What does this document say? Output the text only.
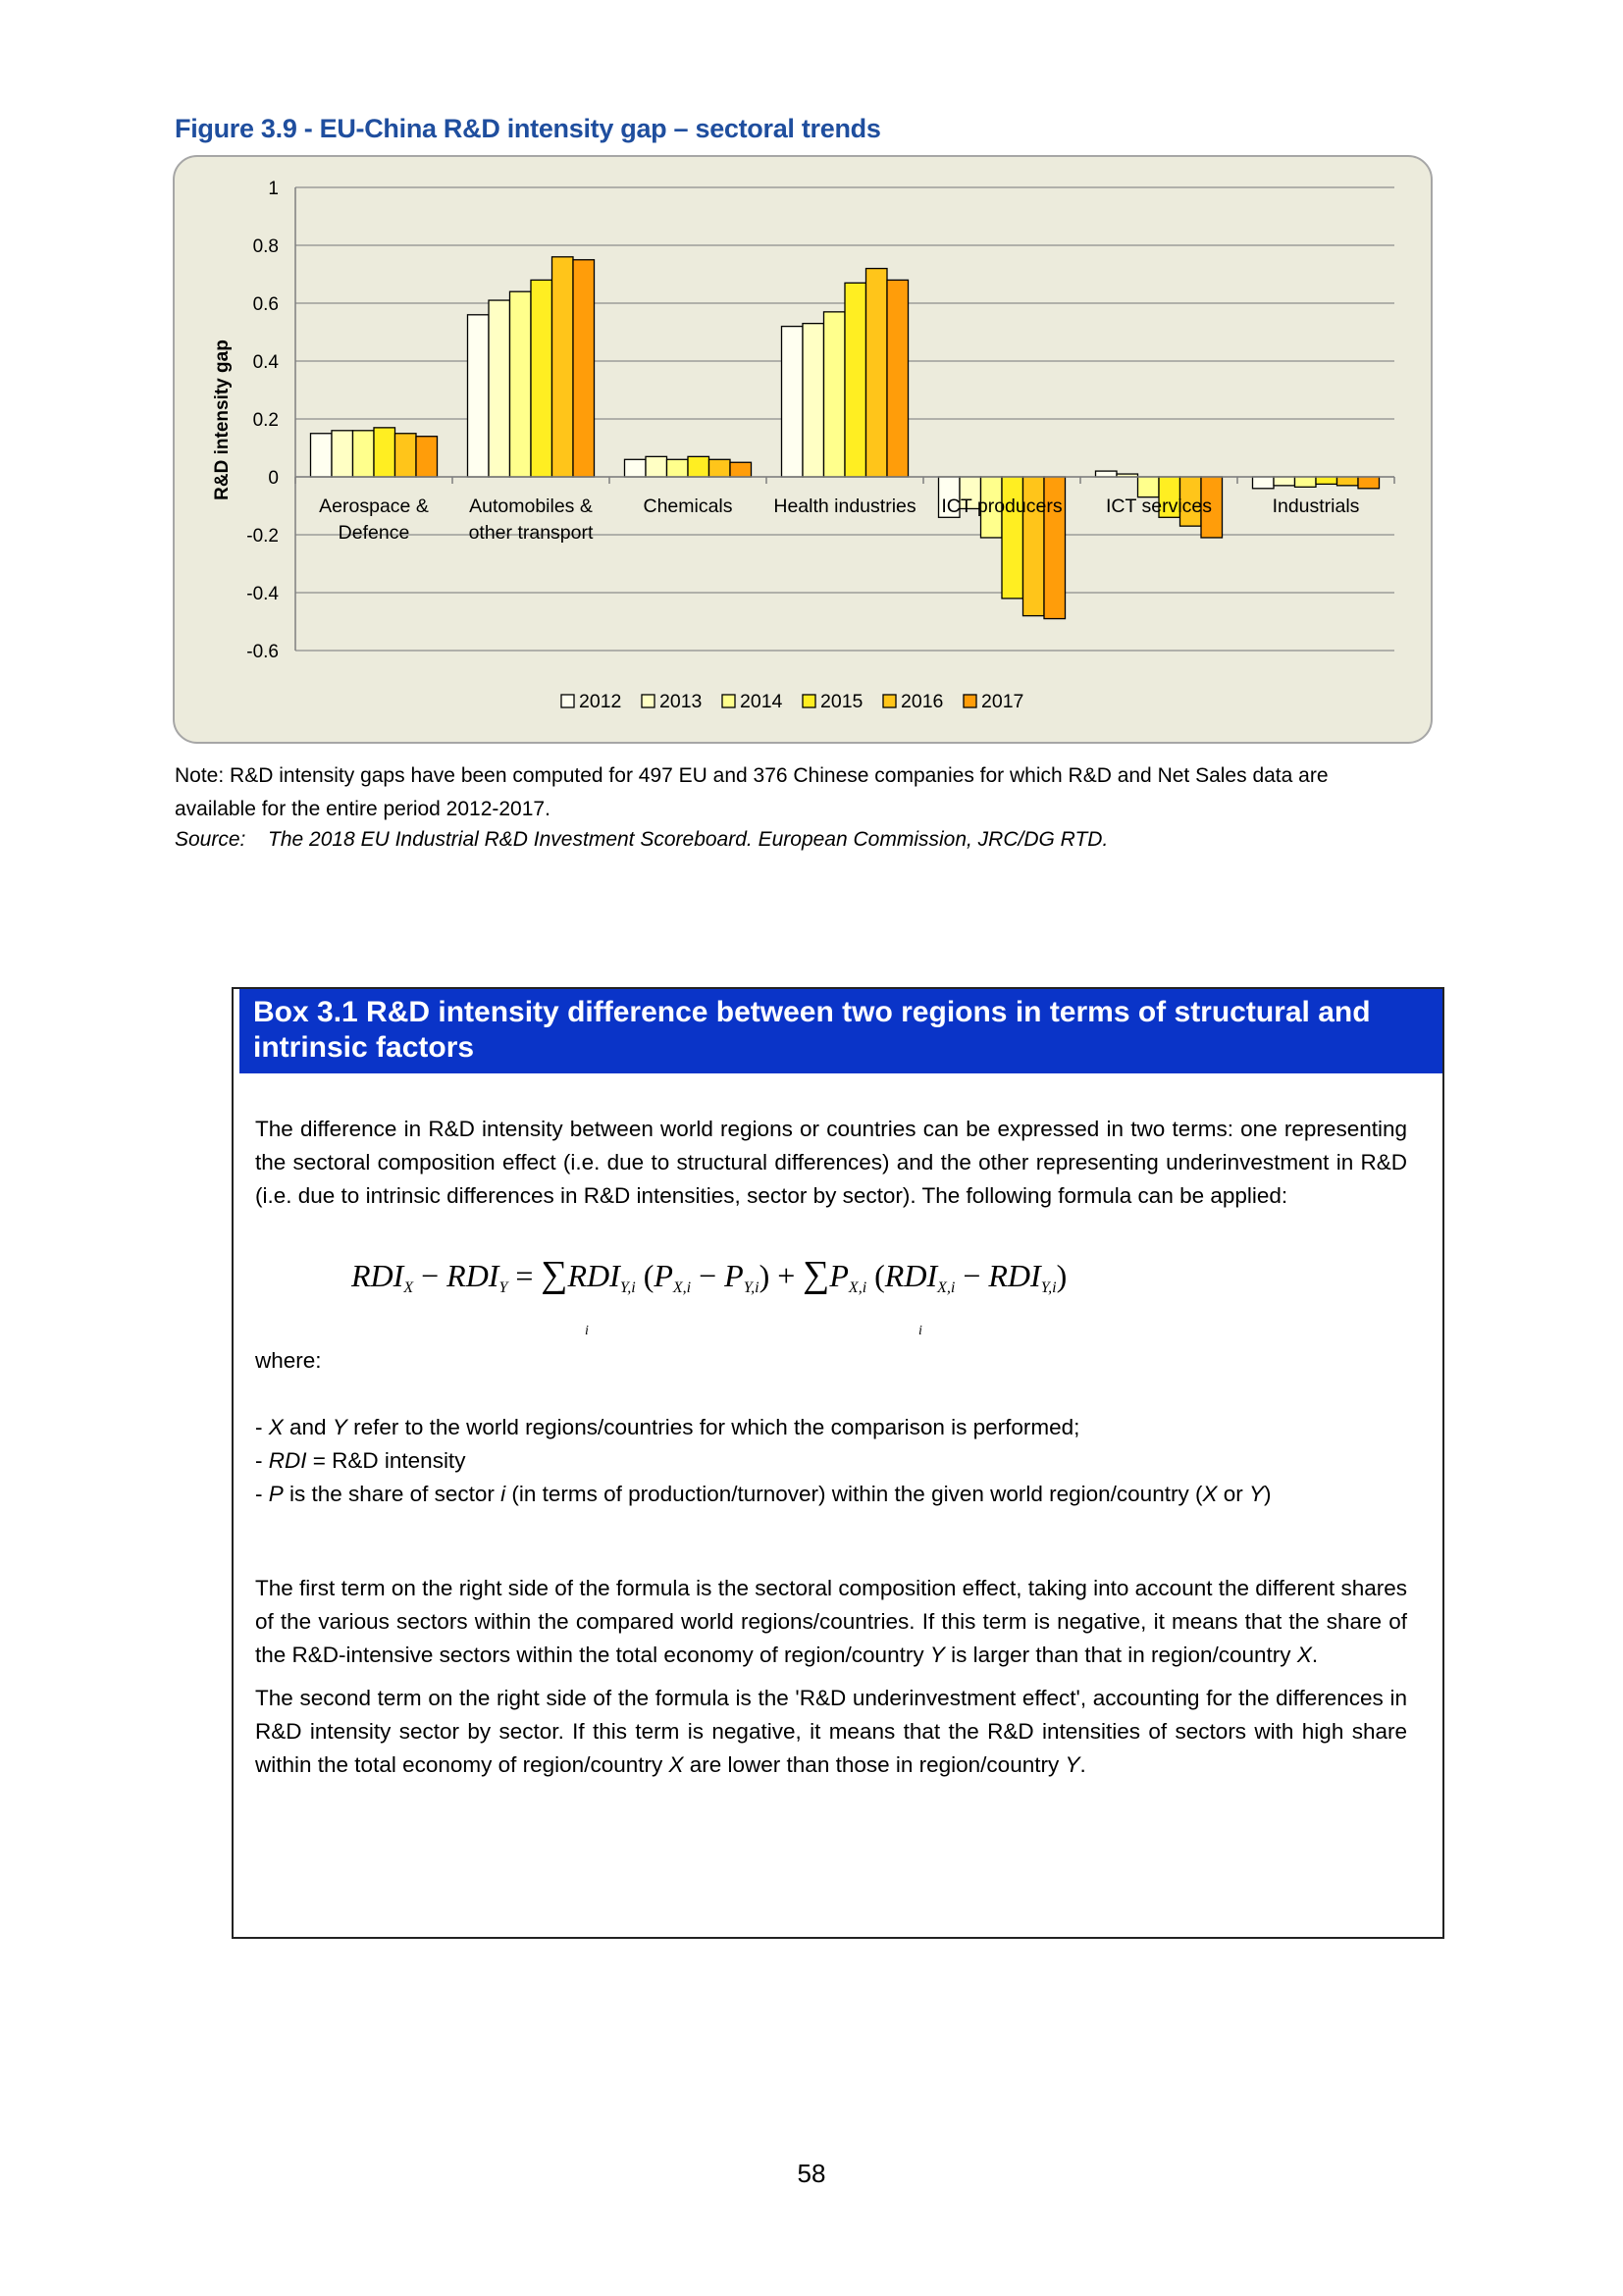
Figure 3.9 - EU-China R&D intensity gap – sectoral trends
-0.6
-0.4
-0.2
0
0.2
0.4
0.6
0.8
1
Aerospace & Defence
Automobiles & other transport
Chemicals Health industries ICT producers ICT services	Industrials
R&D intensity gap
2012 2013 2014 2015 2016 2017

Note: R&D intensity gaps have been computed for 497 EU and 376 Chinese companies for which R&D and Net Sales data are available for the entire period 2012-2017.

Source: The 2018 EU Industrial R&D Investment Scoreboard. European Commission, JRC/DG RTD.

Box 3.1 R&D intensity difference between two regions in terms of structural and intrinsic factors

The difference in R&D intensity between world regions or countries can be expressed in two terms: one representing the sectoral composition effect (i.e. due to structural differences) and the other representing underinvestment in R&D (i.e. due to intrinsic differences in R&D intensities, sector by sector). The following formula can be applied:

$RDI_X - RDI_Y = \sum RDI_{Y,i}$ $(P_{X,i} - P_{Y,i}) + \sum P_{X,i}$ $(RDI_{X,i} - RDI_{Y,i})$
i	i

where:

- X and Y refer to the world regions/countries for which the comparison is performed;

- RDI = R&D intensity

- P is the share of sector i (in terms of production/turnover) within the given world region/country (X or Y)

The first term on the right side of the formula is the sectoral composition effect, taking into account the different shares of the various sectors within the compared world regions/countries. If this term is negative, it means that the share of the R&D-intensive sectors within the total economy of region/country Y is larger than that in region/country X.

The second term on the right side of the formula is the 'R&D underinvestment effect', accounting for the differences in R&D intensity sector by sector. If this term is negative, it means that the R&D intensities of sectors with high share within the total economy of region/country X are lower than those in region/country Y.

58
